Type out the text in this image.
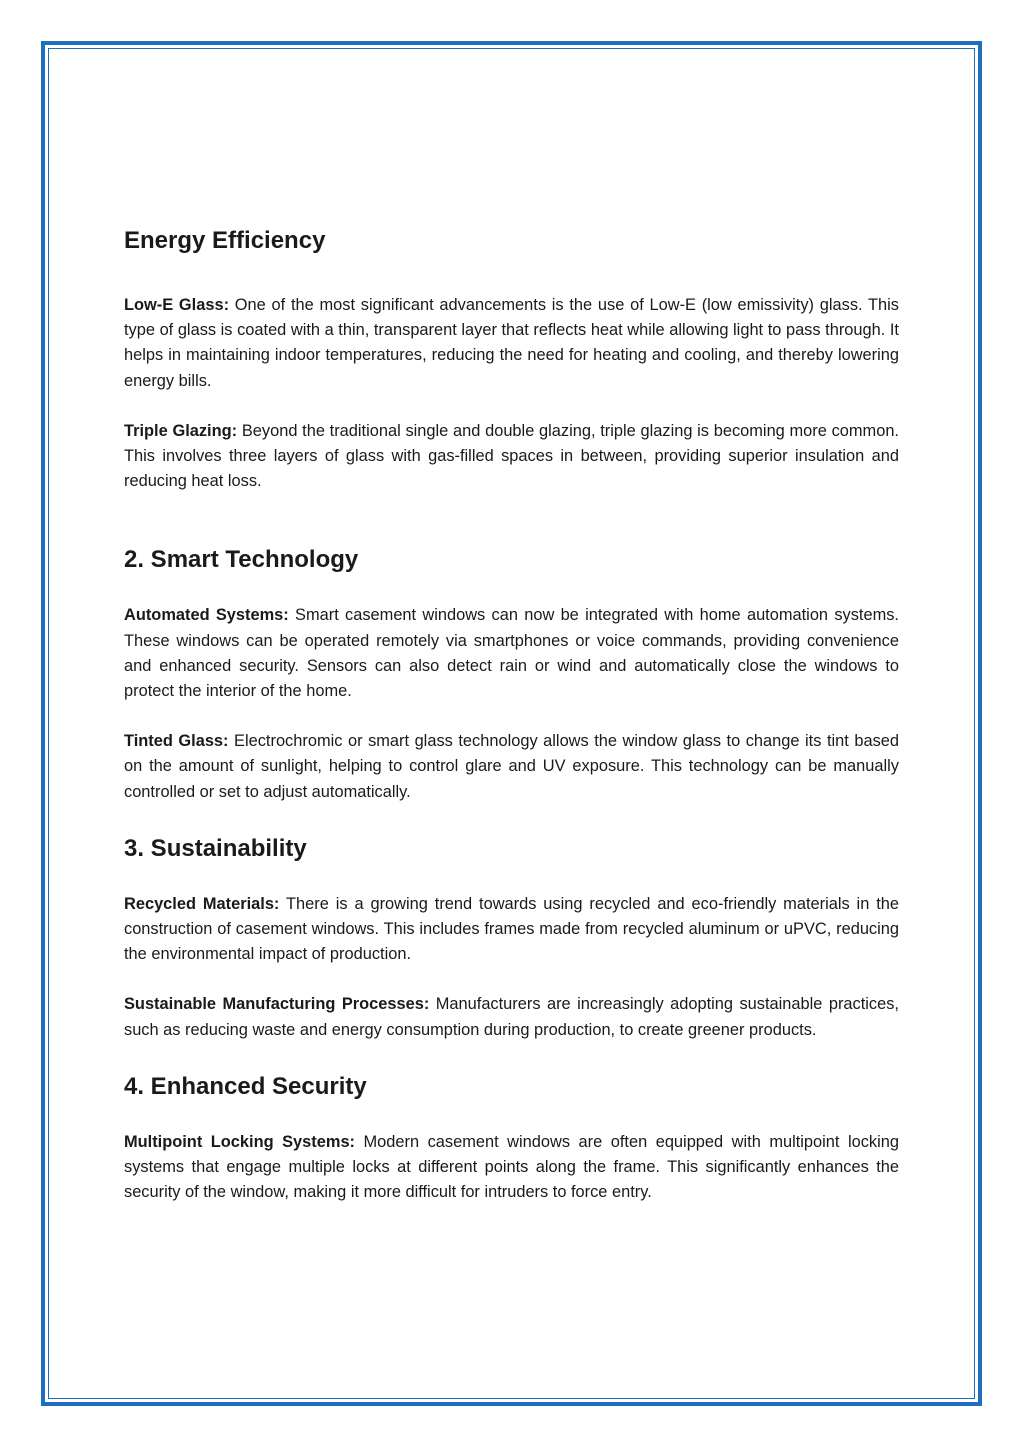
Energy Efficiency

Low-E Glass: One of the most significant advancements is the use of Low-E (low emissivity) glass. This type of glass is coated with a thin, transparent layer that reflects heat while allowing light to pass through. It helps in maintaining indoor temperatures, reducing the need for heating and cooling, and thereby lowering energy bills.

Triple Glazing: Beyond the traditional single and double glazing, triple glazing is becoming more common. This involves three layers of glass with gas-filled spaces in between, providing superior insulation and reducing heat loss.

2. Smart Technology

Automated Systems: Smart casement windows can now be integrated with home automation systems. These windows can be operated remotely via smartphones or voice commands, providing convenience and enhanced security. Sensors can also detect rain or wind and automatically close the windows to protect the interior of the home.

Tinted Glass: Electrochromic or smart glass technology allows the window glass to change its tint based on the amount of sunlight, helping to control glare and UV exposure. This technology can be manually controlled or set to adjust automatically.

3. Sustainability

Recycled Materials: There is a growing trend towards using recycled and eco-friendly materials in the construction of casement windows. This includes frames made from recycled aluminum or uPVC, reducing the environmental impact of production.

Sustainable Manufacturing Processes: Manufacturers are increasingly adopting sustainable practices, such as reducing waste and energy consumption during production, to create greener products.

4. Enhanced Security

Multipoint Locking Systems: Modern casement windows are often equipped with multipoint locking systems that engage multiple locks at different points along the frame. This significantly enhances the security of the window, making it more difficult for intruders to force entry.
